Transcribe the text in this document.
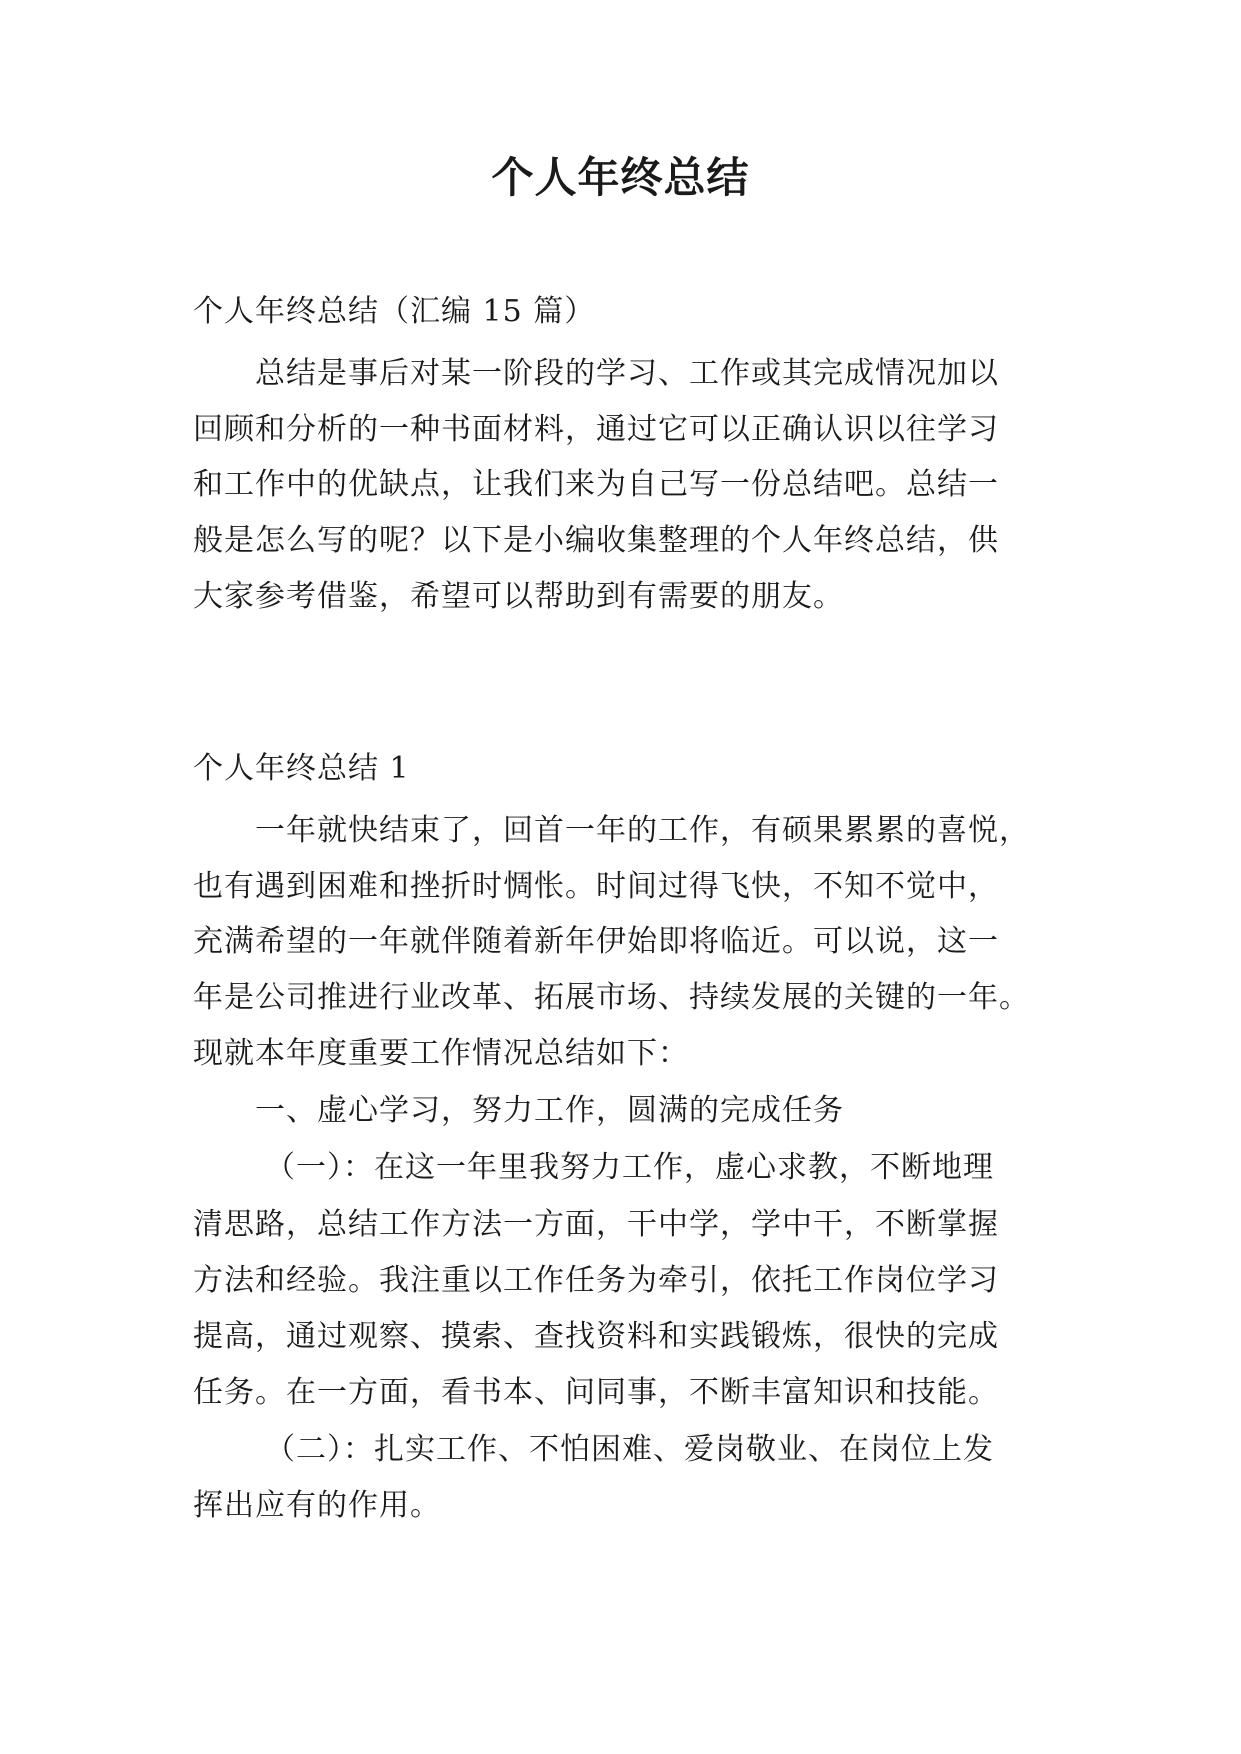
个人年终总结
个人年终总结（汇编 15 篇）
总结是事后对某一阶段的学习、工作或其完成情况加以
回顾和分析的一种书面材料，通过它可以正确认识以往学习
和工作中的优缺点，让我们来为自己写一份总结吧。总结一
般是怎么写的呢？以下是小编收集整理的个人年终总结，供
大家参考借鉴，希望可以帮助到有需要的朋友。
个人年终总结 1
一年就快结束了，回首一年的工作，有硕果累累的喜悦，
也有遇到困难和挫折时惆怅。时间过得飞快，不知不觉中，
充满希望的一年就伴随着新年伊始即将临近。可以说，这一
年是公司推进行业改革、拓展市场、持续发展的关键的一年。
现就本年度重要工作情况总结如下：
一、虚心学习，努力工作，圆满的完成任务
（一）：在这一年里我努力工作，虚心求教，不断地理
清思路，总结工作方法一方面，干中学，学中干，不断掌握
方法和经验。我注重以工作任务为牵引，依托工作岗位学习
提高，通过观察、摸索、查找资料和实践锻炼，很快的完成
任务。在一方面，看书本、问同事，不断丰富知识和技能。
（二）：扎实工作、不怕困难、爱岗敬业、在岗位上发
挥出应有的作用。
